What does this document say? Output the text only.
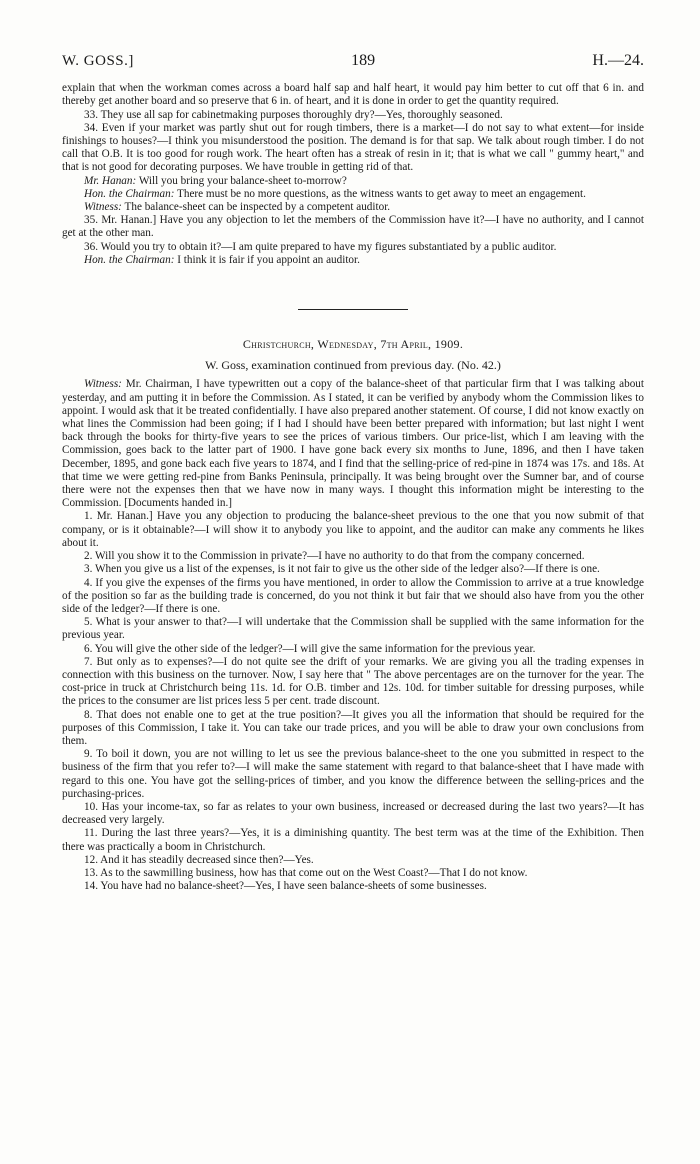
W. GOSS.]	189	H.—24.

explain that when the workman comes across a board half sap and half heart, it would pay him better to cut off that 6 in. and thereby get another board and so preserve that 6 in. of heart, and it is done in order to get the quantity required.

33. They use all sap for cabinetmaking purposes thoroughly dry?—Yes, thoroughly seasoned.

34. Even if your market was partly shut out for rough timbers, there is a market—I do not say to what extent—for inside finishings to houses?—I think you misunderstood the position. The demand is for that sap. We talk about rough timber. I do not call that O.B. It is too good for rough work. The heart often has a streak of resin in it; that is what we call " gummy heart," and that is not good for decorating purposes. We have trouble in getting rid of that.

Mr. Hanan: Will you bring your balance-sheet to-morrow?

Hon. the Chairman: There must be no more questions, as the witness wants to get away to meet an engagement.

Witness: The balance-sheet can be inspected by a competent auditor.

35. Mr. Hanan.] Have you any objection to let the members of the Commission have it?—I have no authority, and I cannot get at the other man.

36. Would you try to obtain it?—I am quite prepared to have my figures substantiated by a public auditor.

Hon. the Chairman: I think it is fair if you appoint an auditor.

Christchurch, Wednesday, 7th April, 1909.
W. Goss, examination continued from previous day. (No. 42.)

Witness: Mr. Chairman, I have typewritten out a copy of the balance-sheet of that particular firm that I was talking about yesterday, and am putting it in before the Commission. As I stated, it can be verified by anybody whom the Commission likes to appoint. I would ask that it be treated confidentially. I have also prepared another statement. Of course, I did not know exactly on what lines the Commission had been going; if I had I should have been better prepared with information; but last night I went back through the books for thirty-five years to see the prices of various timbers. Our price-list, which I am leaving with the Commission, goes back to the latter part of 1900. I have gone back every six months to June, 1896, and then I have taken December, 1895, and gone back each five years to 1874, and I find that the selling-price of red-pine in 1874 was 17s. and 18s. At that time we were getting red-pine from Banks Peninsula, principally. It was being brought over the Sumner bar, and of course there were not the expenses then that we have now in many ways. I thought this information might be interesting to the Commission. [Documents handed in.]

1. Mr. Hanan.] Have you any objection to producing the balance-sheet previous to the one that you now submit of that company, or is it obtainable?—I will show it to anybody you like to appoint, and the auditor can make any comments he likes about it.

2. Will you show it to the Commission in private?—I have no authority to do that from the company concerned.

3. When you give us a list of the expenses, is it not fair to give us the other side of the ledger also?—If there is one.

4. If you give the expenses of the firms you have mentioned, in order to allow the Commission to arrive at a true knowledge of the position so far as the building trade is concerned, do you not think it but fair that we should also have from you the other side of the ledger?—If there is one.

5. What is your answer to that?—I will undertake that the Commission shall be supplied with the same information for the previous year.

6. You will give the other side of the ledger?—I will give the same information for the previous year.

7. But only as to expenses?—I do not quite see the drift of your remarks. We are giving you all the trading expenses in connection with this business on the turnover. Now, I say here that " The above percentages are on the turnover for the year. The cost-price in truck at Christchurch being 11s. 1d. for O.B. timber and 12s. 10d. for timber suitable for dressing purposes, while the prices to the consumer are list prices less 5 per cent. trade discount.

8. That does not enable one to get at the true position?—It gives you all the information that should be required for the purposes of this Commission, I take it. You can take our trade prices, and you will be able to draw your own conclusions from them.

9. To boil it down, you are not willing to let us see the previous balance-sheet to the one you submitted in respect to the business of the firm that you refer to?—I will make the same statement with regard to that balance-sheet that I have made with regard to this one. You have got the selling-prices of timber, and you know the difference between the selling-prices and the purchasing-prices.

10. Has your income-tax, so far as relates to your own business, increased or decreased during the last two years?—It has decreased very largely.

11. During the last three years?—Yes, it is a diminishing quantity. The best term was at the time of the Exhibition. Then there was practically a boom in Christchurch.

12. And it has steadily decreased since then?—Yes.

13. As to the sawmilling business, how has that come out on the West Coast?—That I do not know.

14. You have had no balance-sheet?—Yes, I have seen balance-sheets of some businesses.
